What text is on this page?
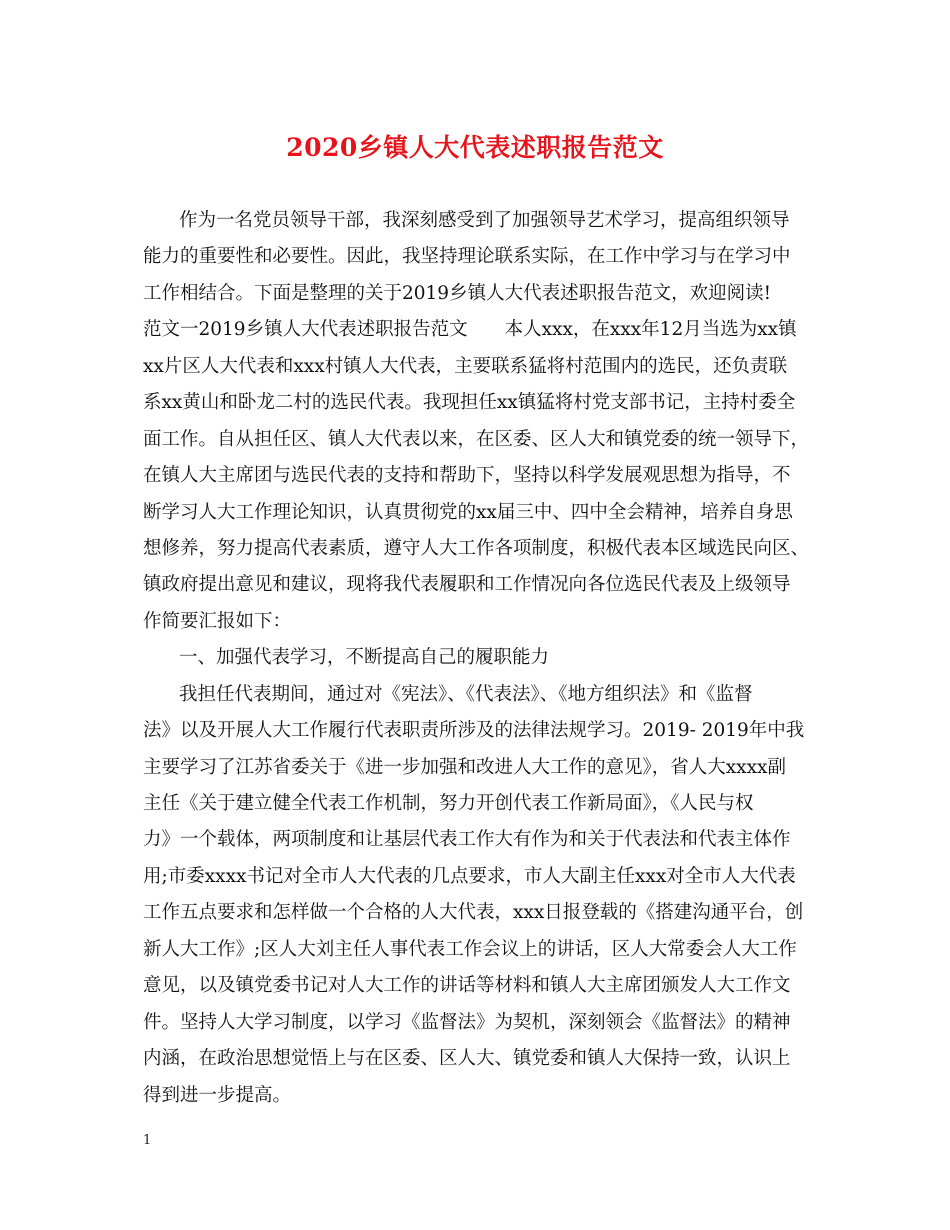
2020乡镇人大代表述职报告范文
作为一名党员领导干部，我深刻感受到了加强领导艺术学习，提高组织领导
能力的重要性和必要性。因此，我坚持理论联系实际，在工作中学习与在学习中
工作相结合。下面是整理的关于2019乡镇人大代表述职报告范文，欢迎阅读!
范文一2019乡镇人大代表述职报告范文　　本人xxx，在xxx年12月当选为xx镇
xx片区人大代表和xxx村镇人大代表，主要联系猛将村范围内的选民，还负责联
系xx黄山和卧龙二村的选民代表。我现担任xx镇猛将村党支部书记，主持村委全
面工作。自从担任区、镇人大代表以来，在区委、区人大和镇党委的统一领导下，
在镇人大主席团与选民代表的支持和帮助下，坚持以科学发展观思想为指导，不
断学习人大工作理论知识，认真贯彻党的xx届三中、四中全会精神，培养自身思
想修养，努力提高代表素质，遵守人大工作各项制度，积极代表本区域选民向区、
镇政府提出意见和建议，现将我代表履职和工作情况向各位选民代表及上级领导
作简要汇报如下：
一、加强代表学习，不断提高自己的履职能力
我担任代表期间，通过对《宪法》、《代表法》、《地方组织法》和《监督
法》以及开展人大工作履行代表职责所涉及的法律法规学习。2019- 2019年中我
主要学习了江苏省委关于《进一步加强和改进人大工作的意见》，省人大xxxx副
主任《关于建立健全代表工作机制，努力开创代表工作新局面》，《人民与权
力》一个载体，两项制度和让基层代表工作大有作为和关于代表法和代表主体作
用;市委xxxx书记对全市人大代表的几点要求，市人大副主任xxx对全市人大代表
工作五点要求和怎样做一个合格的人大代表，xxx日报登载的《搭建沟通平台，创
新人大工作》;区人大刘主任人事代表工作会议上的讲话，区人大常委会人大工作
意见，以及镇党委书记对人大工作的讲话等材料和镇人大主席团颁发人大工作文
件。坚持人大学习制度，以学习《监督法》为契机，深刻领会《监督法》的精神
内涵，在政治思想觉悟上与在区委、区人大、镇党委和镇人大保持一致，认识上
得到进一步提高。
1
